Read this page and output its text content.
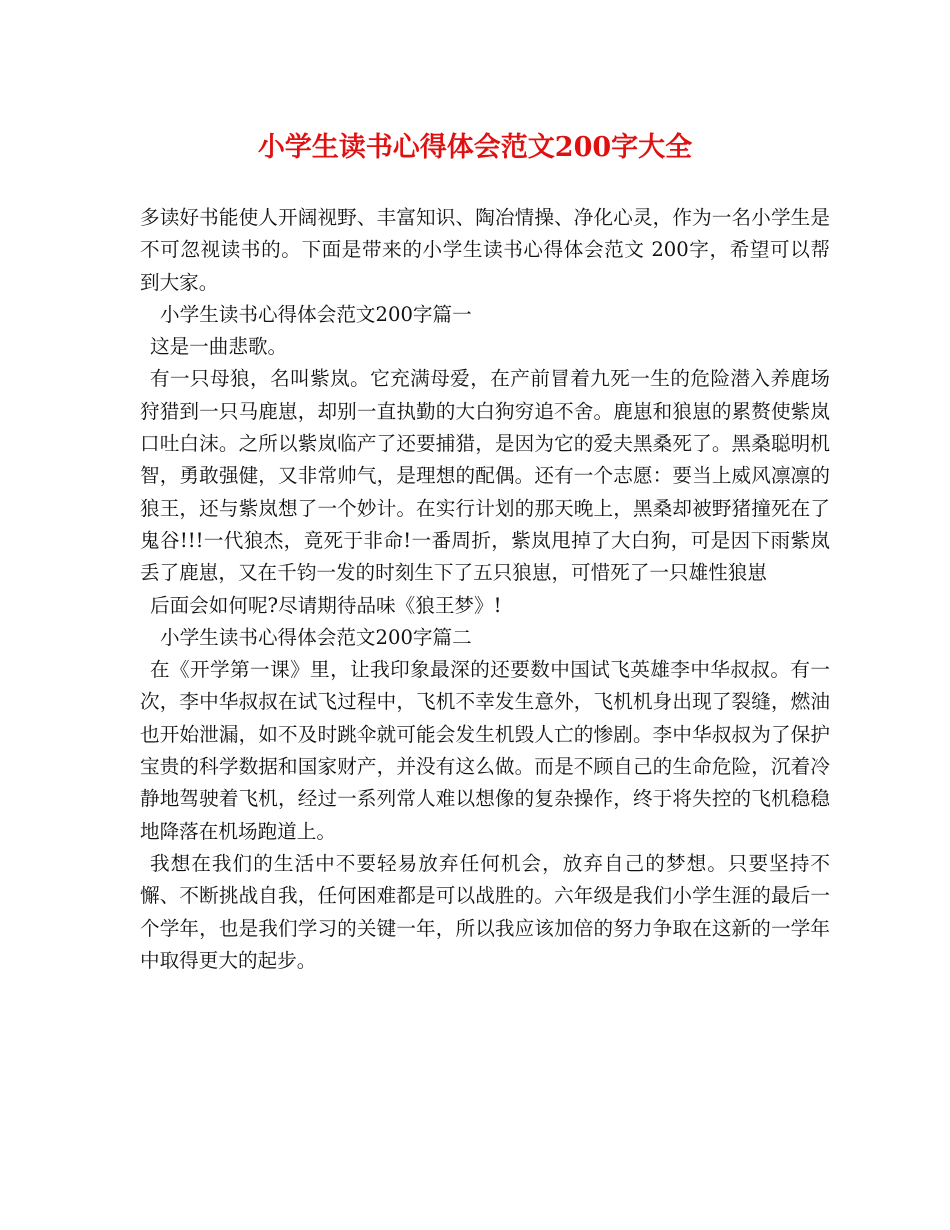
小学生读书心得体会范文200字大全

多读好书能使人开阔视野、丰富知识、陶冶情操、净化心灵，作为一名小学生是不可忽视读书的。下面是带来的小学生读书心得体会范文 200字，希望可以帮到大家。

小学生读书心得体会范文200字篇一

这是一曲悲歌。

有一只母狼，名叫紫岚。它充满母爱，在产前冒着九死一生的危险潜入养鹿场狩猎到一只马鹿崽，却别一直执勤的大白狗穷追不舍。鹿崽和狼崽的累赘使紫岚口吐白沫。之所以紫岚临产了还要捕猎，是因为它的爱夫黑桑死了。黑桑聪明机智，勇敢强健，又非常帅气，是理想的配偶。还有一个志愿：要当上威风凛凛的狼王，还与紫岚想了一个妙计。在实行计划的那天晚上，黑桑却被野猪撞死在了鬼谷!!!一代狼杰，竟死于非命!一番周折，紫岚甩掉了大白狗，可是因下雨紫岚丢了鹿崽，又在千钧一发的时刻生下了五只狼崽，可惜死了一只雄性狼崽

后面会如何呢?尽请期待品味《狼王梦》!

小学生读书心得体会范文200字篇二

在《开学第一课》里，让我印象最深的还要数中国试飞英雄李中华叔叔。有一次，李中华叔叔在试飞过程中，飞机不幸发生意外，飞机机身出现了裂缝，燃油也开始泄漏，如不及时跳伞就可能会发生机毁人亡的惨剧。李中华叔叔为了保护宝贵的科学数据和国家财产，并没有这么做。而是不顾自己的生命危险，沉着冷静地驾驶着飞机，经过一系列常人难以想像的复杂操作，终于将失控的飞机稳稳地降落在机场跑道上。

我想在我们的生活中不要轻易放弃任何机会，放弃自己的梦想。只要坚持不懈、不断挑战自我，任何困难都是可以战胜的。六年级是我们小学生涯的最后一个学年，也是我们学习的关键一年，所以我应该加倍的努力争取在这新的一学年中取得更大的起步。
